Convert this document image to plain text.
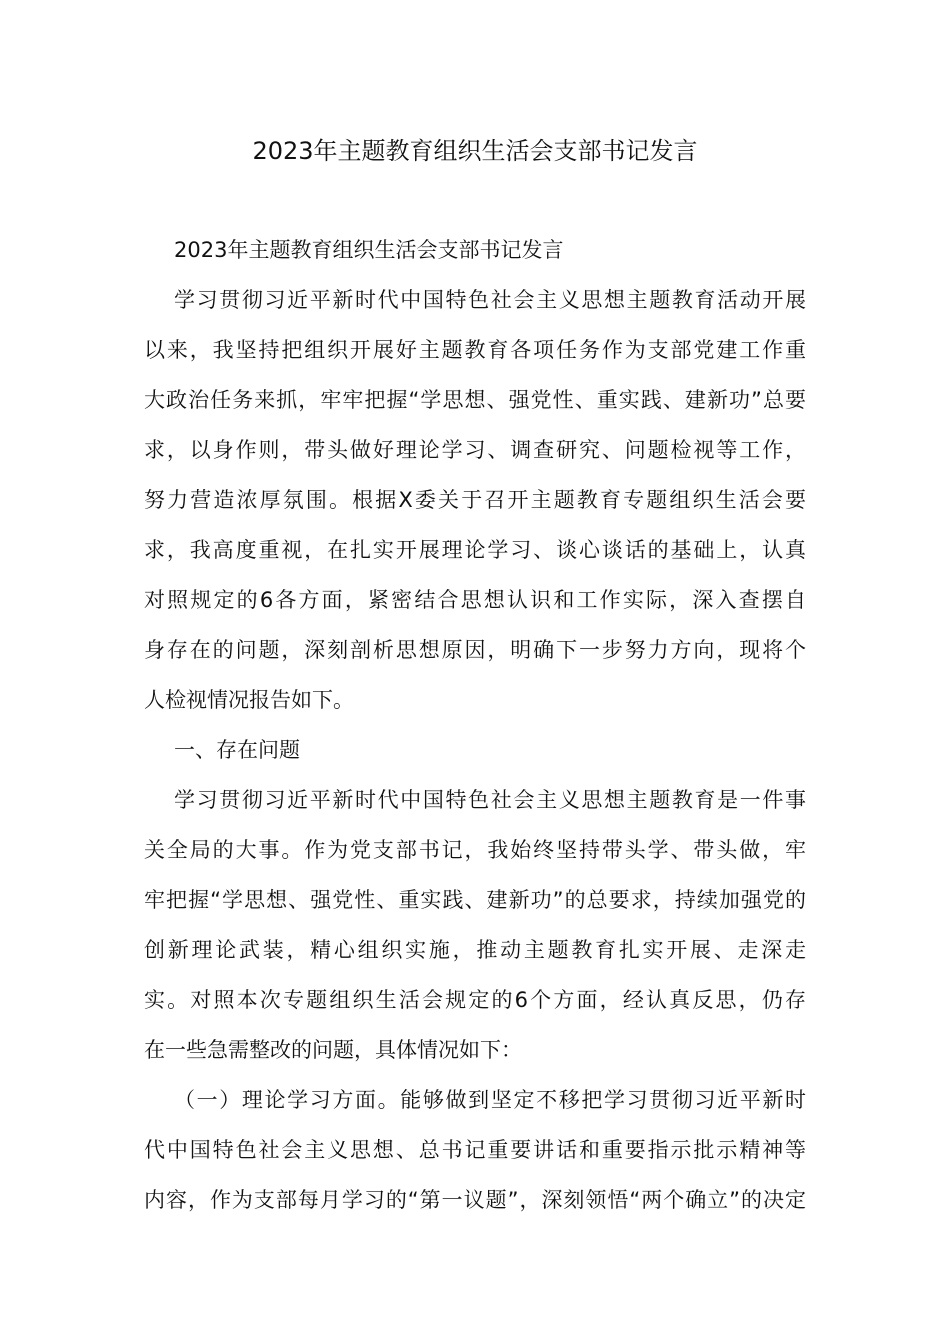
2023年主题教育组织生活会支部书记发言
2023年主题教育组织生活会支部书记发言
学习贯彻习近平新时代中国特色社会主义思想主题教育活动开展
以来，我坚持把组织开展好主题教育各项任务作为支部党建工作重
大政治任务来抓，牢牢把握“学思想、强党性、重实践、建新功”总要
求，以身作则，带头做好理论学习、调查研究、问题检视等工作，
努力营造浓厚氛围。根据X委关于召开主题教育专题组织生活会要
求，我高度重视，在扎实开展理论学习、谈心谈话的基础上，认真
对照规定的6各方面，紧密结合思想认识和工作实际，深入查摆自
身存在的问题，深刻剖析思想原因，明确下一步努力方向，现将个
人检视情况报告如下。
一、存在问题
学习贯彻习近平新时代中国特色社会主义思想主题教育是一件事
关全局的大事。作为党支部书记，我始终坚持带头学、带头做，牢
牢把握“学思想、强党性、重实践、建新功”的总要求，持续加强党的
创新理论武装，精心组织实施，推动主题教育扎实开展、走深走
实。对照本次专题组织生活会规定的6个方面，经认真反思，仍存
在一些急需整改的问题，具体情况如下：
（一）理论学习方面。能够做到坚定不移把学习贯彻习近平新时
代中国特色社会主义思想、总书记重要讲话和重要指示批示精神等
内容，作为支部每月学习的“第一议题”，深刻领悟“两个确立”的决定
